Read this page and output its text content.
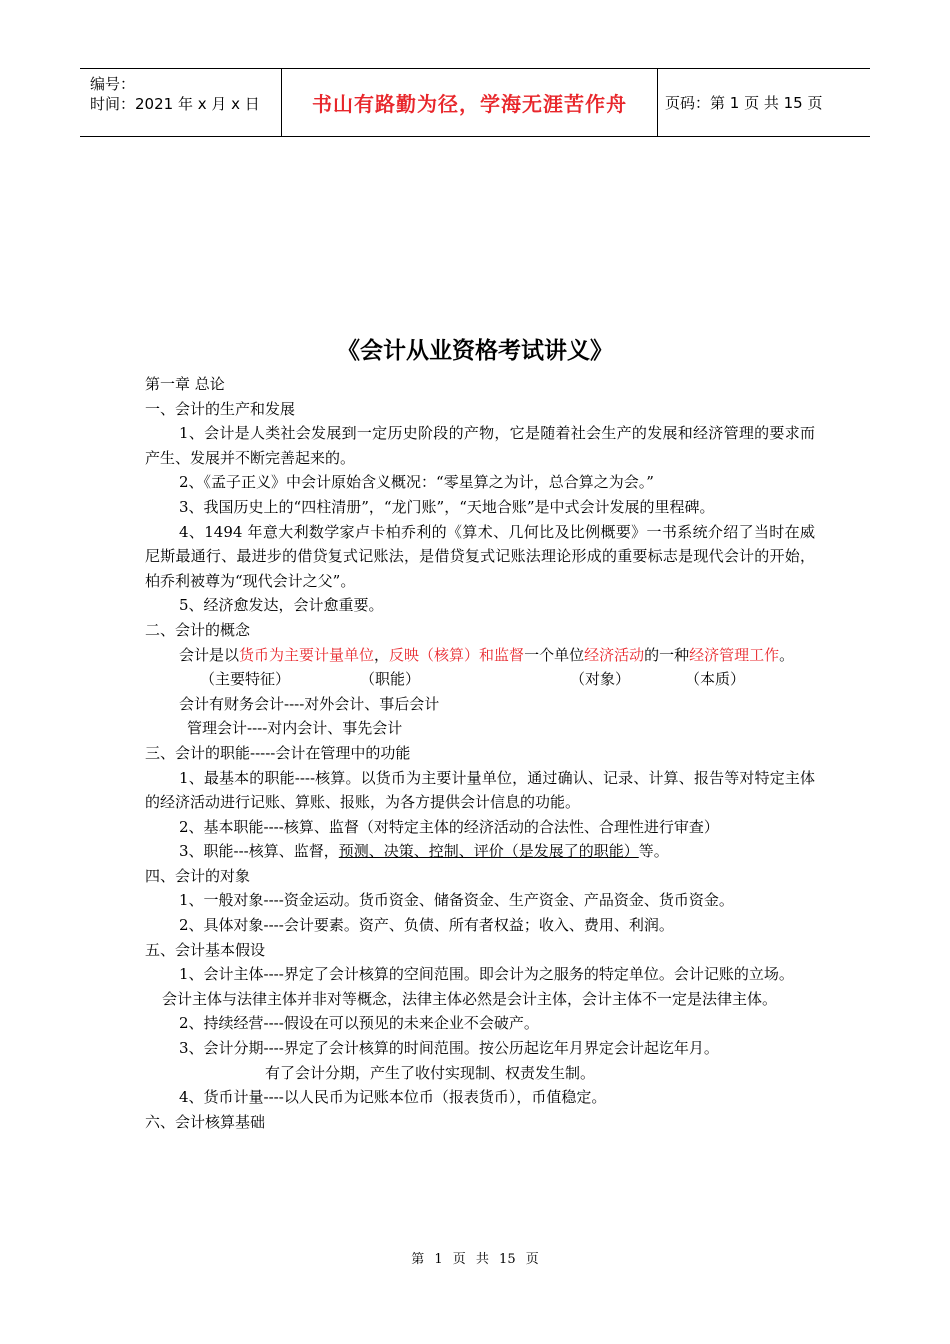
编号：
时间：2021 年 x 月 x 日	书山有路勤为径，学海无涯苦作舟	页码：第 1 页 共 15 页
《会计从业资格考试讲义》

第一章 总论

一、会计的生产和发展

1、会计是人类社会发展到一定历史阶段的产物，它是随着社会生产的发展和经济管理的要求而产生、发展并不断完善起来的。

2、《孟子正义》中会计原始含义概况：“零星算之为计，总合算之为会。”

3、我国历史上的“四柱清册”，“龙门账”，“天地合账”是中式会计发展的里程碑。

4、1494 年意大利数学家卢卡柏乔利的《算术、几何比及比例概要》一书系统介绍了当时在威尼斯最通行、最进步的借贷复式记账法，是借贷复式记账法理论形成的重要标志是现代会计的开始，柏乔利被尊为“现代会计之父”。

5、经济愈发达，会计愈重要。

二、会计的概念

会计是以货币为主要计量单位，反映（核算）和监督一个单位经济活动的一种经济管理工作。

（主要特征）	（职能）	（对象）	（本质）

会计有财务会计----对外会计、事后会计

管理会计----对内会计、事先会计

三、会计的职能-----会计在管理中的功能

1、最基本的职能----核算。以货币为主要计量单位，通过确认、记录、计算、报告等对特定主体的经济活动进行记账、算账、报账，为各方提供会计信息的功能。

2、基本职能----核算、监督（对特定主体的经济活动的合法性、合理性进行审查）

3、职能---核算、监督，预测、决策、控制、评价（是发展了的职能）等。

四、会计的对象

1、一般对象----资金运动。货币资金、储备资金、生产资金、产品资金、货币资金。

2、具体对象----会计要素。资产、负债、所有者权益；收入、费用、利润。

五、会计基本假设

1、会计主体----界定了会计核算的空间范围。即会计为之服务的特定单位。会计记账的立场。

会计主体与法律主体并非对等概念，法律主体必然是会计主体，会计主体不一定是法律主体。

2、持续经营----假设在可以预见的未来企业不会破产。

3、会计分期----界定了会计核算的时间范围。按公历起讫年月界定会计起讫年月。

有了会计分期，产生了收付实现制、权责发生制。

4、货币计量----以人民币为记账本位币（报表货币），币值稳定。

六、会计核算基础

第 1 页 共 15 页
